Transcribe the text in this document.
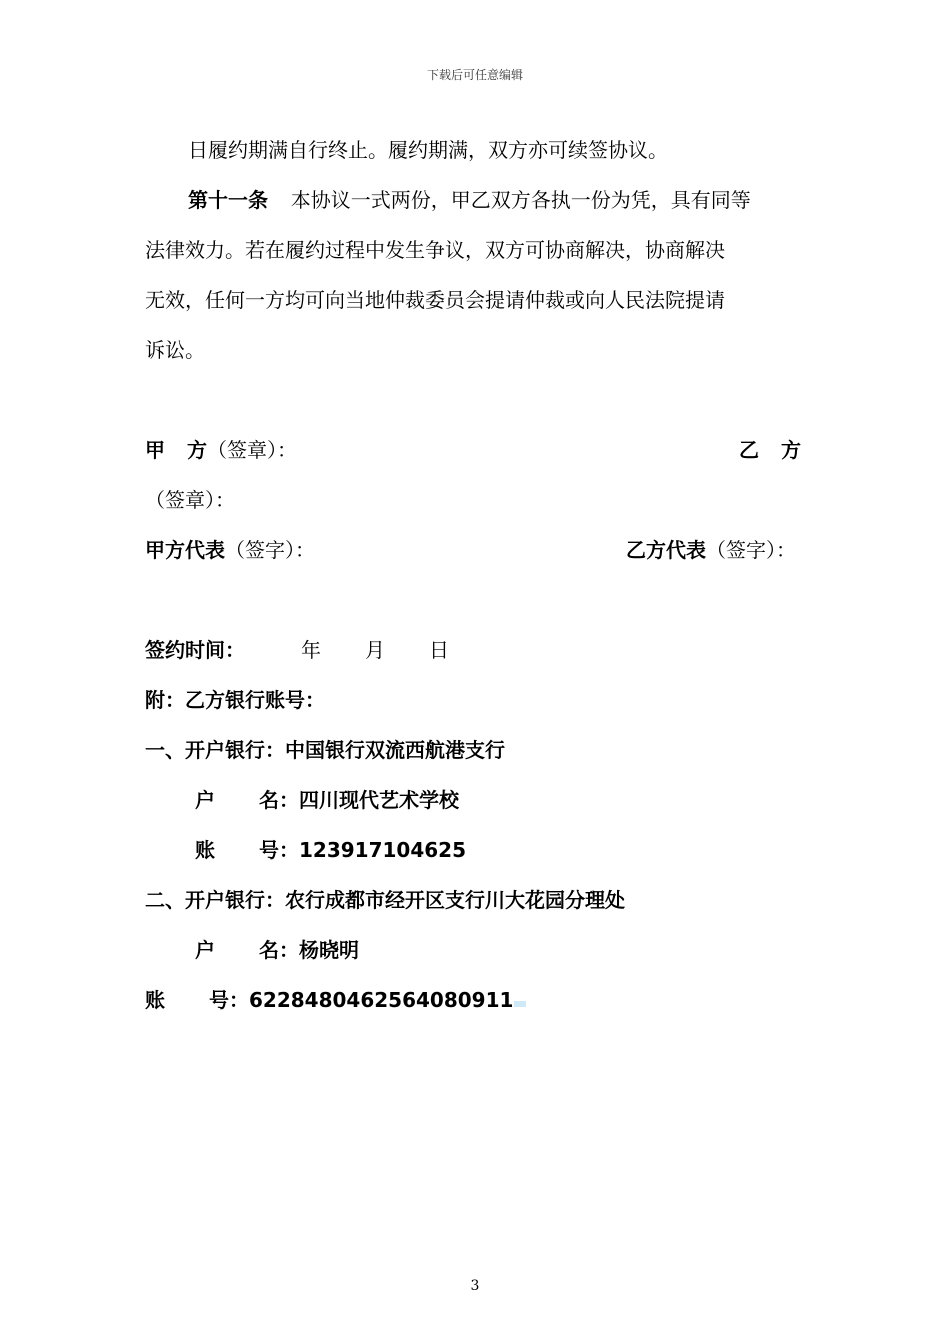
下载后可任意编辑
日履约期满自行终止。履约期满，双方亦可续签协议。
第十一条 本协议一式两份，甲乙双方各执一份为凭，具有同等
法律效力。若在履约过程中发生争议，双方可协商解决，协商解决
无效，任何一方均可向当地仲裁委员会提请仲裁或向人民法院提请
诉讼。
甲 方（签章）：	乙 方
（签章）：
甲方代表（签字）：	乙方代表（签字）：
签约时间：	年 月 日
附：乙方银行账号：
一、开户银行：中国银行双流西航港支行
户 名：四川现代艺术学校
账 号：123917104625
二、开户银行：农行成都市经开区支行川大花园分理处
户 名：杨晓明
账 号：6228480462564080911
3
